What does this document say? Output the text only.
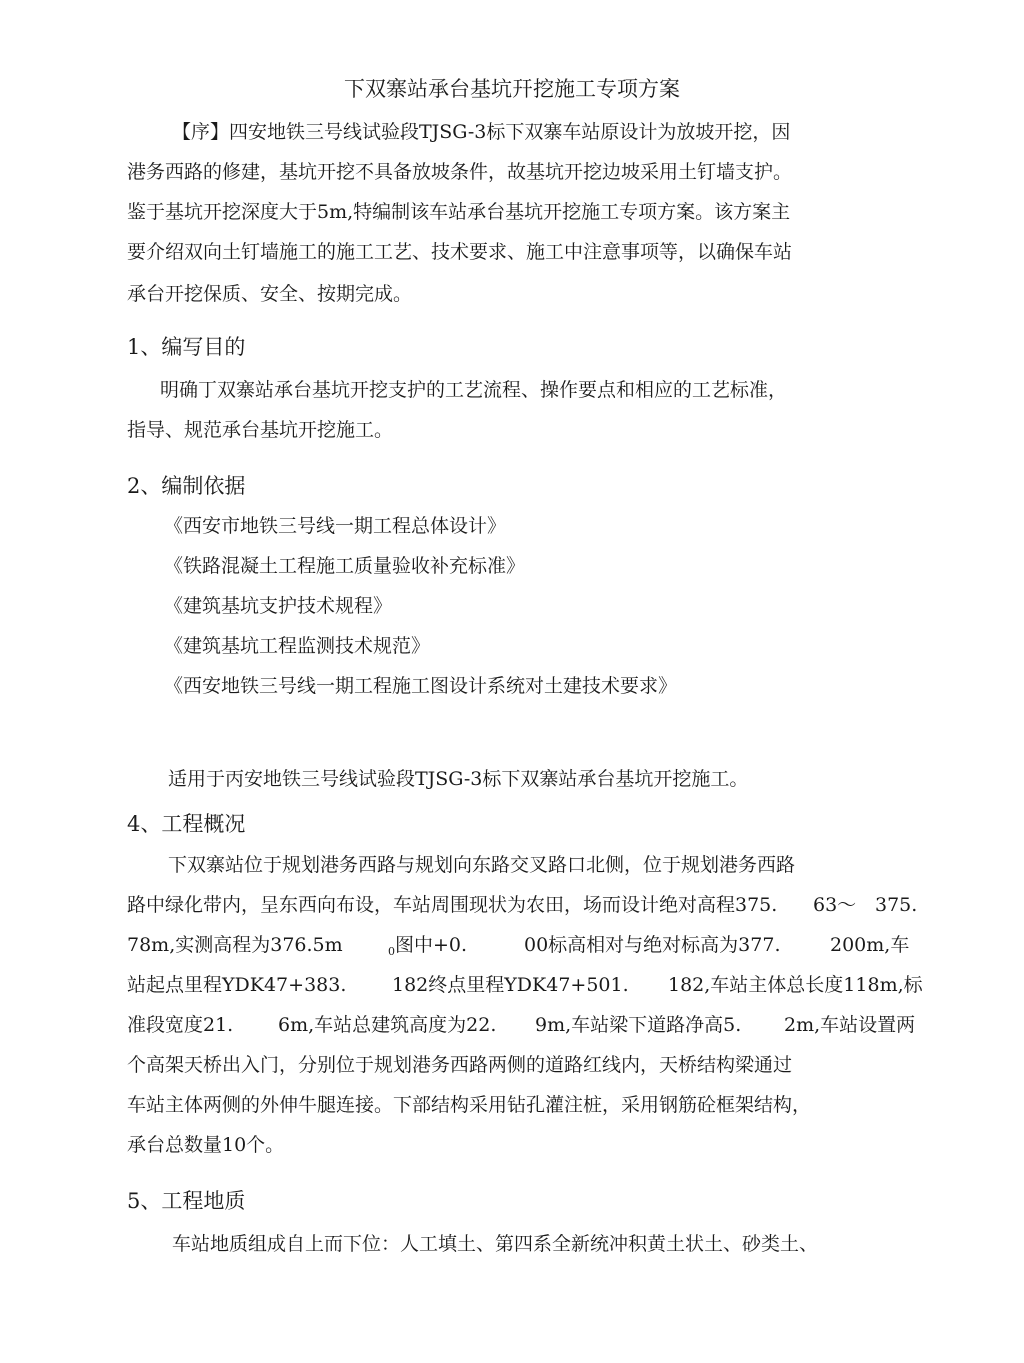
下双寨站承台基坑幵挖施工专项方案
【序】四安地铁三号线试验段TJSG-3标下双寨车站原设计为放坡开挖，因
港务西路的修建，基坑开挖不具备放坡条件，故基坑开挖边坡采用土钉墙支护。
鉴于基坑开挖深度大于5m,特编制该车站承台基坑开挖施工专项方案。该方案主
要介绍双向土钉墙施工的施工工艺、技术要求、施工中注意事项等，以确保车站
承台开挖保质、安全、按期完成。
1、编写目的
明确丁双寨站承台基坑开挖支护的工艺流程、操作要点和相应的工艺标准，
指导、规范承台基坑开挖施工。
2、编制依据
《西安市地铁三号线一期工程总体设计》
《铁路混凝土工程施工质量验收补充标准》
《建筑基坑支护技术规程》
《建筑基坑工程监测技术规范》
《西安地铁三号线一期工程施工图设计系统对土建技术要求》
适用于丙安地铁三号线试验段TJSG-3标下双寨站承台基坑开挖施工。
4、工程概况
下双寨站位于规划港务西路与规划向东路交叉路口北侧，位于规划港务西路
路中绿化带内，呈东西向布设，车站周围现状为农田，场而设计绝对高程375. 63～ 375.
78m,实测高程为376.5m	$_0$图中+0.	00标高相对与绝对标高为377.	200m,车
站起点里程YDK47+383. 182终点里程YDK47+501. 182,车站主体总长度118m,标
准段宽度21. 6m,车站总建筑高度为22. 9m,车站梁下道路净高5. 2m,车站设置两
个高架天桥出入门，分别位于规划港务西路两侧的道路红线内，天桥结构梁通过
车站主体两侧的外伸牛腿连接。下部结构采用钻孔灌注桩，采用钢筋砼框架结构，
承台总数量10个。
5、工程地质
车站地质组成自上而下位：人工填土、第四系全新统冲积黄土状土、砂类土、
